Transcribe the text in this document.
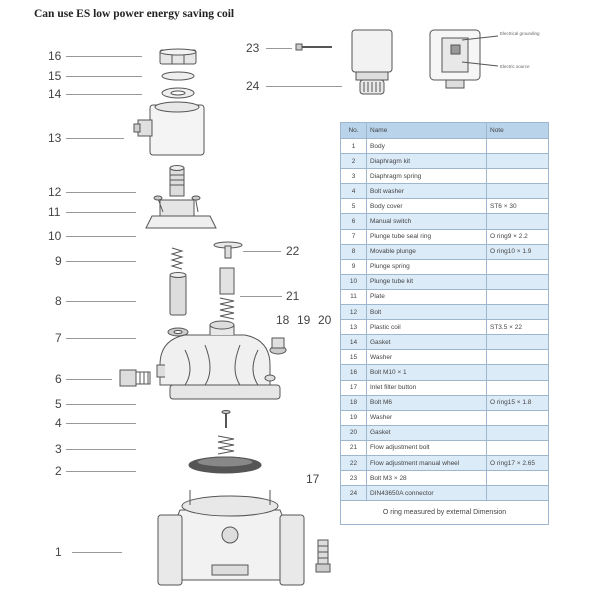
Can use ES low power energy saving coil
Electrical grounding
Electric source
16
15
14
13
12
11
10
9
8
7
6
5
4
3
2
1
22
21
18 19 20
17
23
24
No.	Name	Note
1	Body	
2	Diaphragm kit	
3	Diaphragm spring	
4	Bolt washer	
5	Body cover	ST6 × 30
6	Manual switch	
7	Plunge tube seal ring	O ring9 × 2.2
8	Movable plunge	O ring10 × 1.9
9	Plunge spring	
10	Plunge tube kit	
11	Plate	
12	Bolt	
13	Plastic coil	ST3.5 × 22
14	Gasket	
15	Washer	
16	Bolt M10 × 1	
17	Inlet filter button	
18	Bolt M6	O ring15 × 1.8
19	Washer	
20	Gasket	
21	Flow adjustment bolt	
22	Flow adjustment manual wheel	O ring17 × 2.65
23	Bolt M3 × 28	
24	DIN43650A connector	
O ring measured by external Dimension		
